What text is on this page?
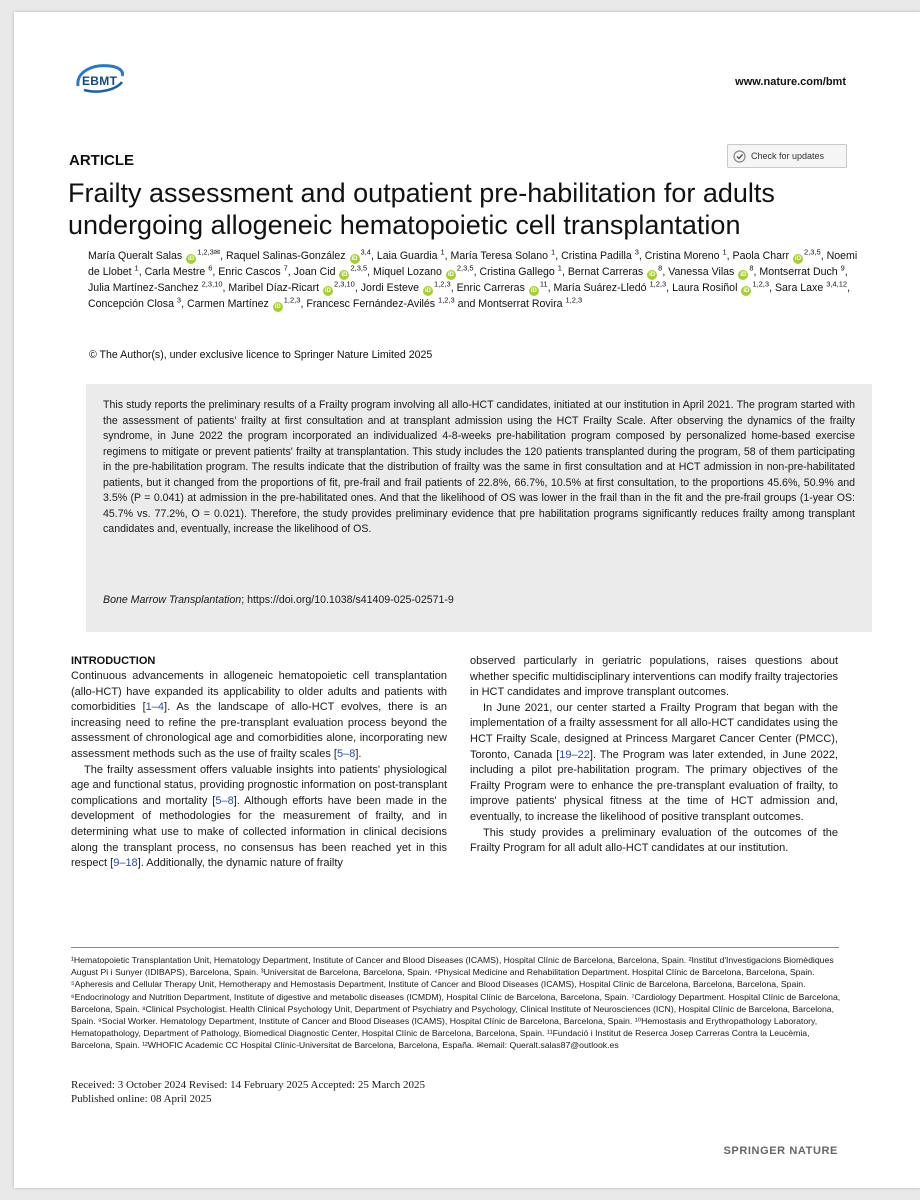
EBMT	www.nature.com/bmt
ARTICLE	Check for updates
Frailty assessment and outpatient pre-habilitation for adults undergoing allogeneic hematopoietic cell transplantation
María Queralt Salas $iD^{1,2,3✉}$, Raquel Salinas-González iD$^{3,4}$, Laia Guardia $^1$, María Teresa Solano $^1$, Cristina Padilla $^3$, Cristina Moreno $^1$, Paola Charr iD$^{2,3,5}$, Noemi de Llobet $^1$, Carla Mestre $^6$, Enric Cascos $^7$, Joan Cid iD$^{2,3,5}$, Miquel Lozano iD$^{2,3,5}$, Cristina Gallego $^1$, Bernat Carreras $iD^8$, Vanessa Vilas $iD^8$, Montserrat Duch $^9$, Julia Martínez-Sanchez $^{2,3,10}$, Maribel Díaz-Ricart iD$^{2,3,10}$, Jordi Esteve iD$^{1,2,3}$, Enric Carreras $iD^{11}$, María Suárez-Lledó $^{1,2,3}$, Laura Rosiñol iD$^{1,2,3}$, Sara Laxe $^{3,4,12}$, Concepción Closa $^3$, Carmen Martínez iD$^{1,2,3}$, Francesc Fernández-Avilés $^{1,2,3}$ and Montserrat Rovira $^{1,2,3}$
© The Author(s), under exclusive licence to Springer Nature Limited 2025
This study reports the preliminary results of a Frailty program involving all allo-HCT candidates, initiated at our institution in April 2021. The program started with the assessment of patients' frailty at first consultation and at transplant admission using the HCT Frailty Scale. After observing the dynamics of the frailty syndrome, in June 2022 the program incorporated an individualized 4-8-weeks pre-habilitation program composed by personalized home-based exercise regimens to mitigate or prevent patients' frailty at transplantation. This study includes the 120 patients transplanted during the program, 58 of them participating in the pre-habilitation program. The results indicate that the distribution of frailty was the same in first consultation and at HCT admission in non-pre-habilitated patients, but it changed from the proportions of fit, pre-frail and frail patients of 22.8%, 66.7%, 10.5% at first consultation, to the proportions 45.6%, 50.9% and 3.5% (P = 0.041) at admission in the pre-habilitated ones. And that the likelihood of OS was lower in the frail than in the fit and the pre-frail groups (1-year OS: 45.7% vs. 77.2%, O = 0.021). Therefore, the study provides preliminary evidence that pre habilitation programs significantly reduces frailty among transplant candidates and, eventually, increase the likelihood of OS.
Bone Marrow Transplantation; https://doi.org/10.1038/s41409-025-02571-9
INTRODUCTION

Continuous advancements in allogeneic hematopoietic cell transplantation (allo-HCT) have expanded its applicability to older adults and patients with comorbidities [1–4]. As the landscape of allo-HCT evolves, there is an increasing need to refine the pre-transplant evaluation process beyond the assessment of chronological age and comorbidities alone, incorporating new assessment methods such as the use of frailty scales [5–8].

The frailty assessment offers valuable insights into patients' physiological age and functional status, providing prognostic information on post-transplant complications and mortality [5–8]. Although efforts have been made in the development of methodologies for the measurement of frailty, and in determining what use to make of collected information in clinical decisions along the transplant process, no consensus has been reached yet in this respect [9–18]. Additionally, the dynamic nature of frailty

observed particularly in geriatric populations, raises questions about whether specific multidisciplinary interventions can modify frailty trajectories in HCT candidates and improve transplant outcomes.

In June 2021, our center started a Frailty Program that began with the implementation of a frailty assessment for all allo-HCT candidates using the HCT Frailty Scale, designed at Princess Margaret Cancer Center (PMCC), Toronto, Canada [19–22]. The Program was later extended, in June 2022, including a pilot pre-habilitation program. The primary objectives of the Frailty Program were to enhance the pre-transplant evaluation of frailty, to improve patients' physical fitness at the time of HCT admission and, eventually, to increase the likelihood of positive transplant outcomes.

This study provides a preliminary evaluation of the outcomes of the Frailty Program for all adult allo-HCT candidates at our institution.

¹Hematopoietic Transplantation Unit, Hematology Department, Institute of Cancer and Blood Diseases (ICAMS), Hospital Clínic de Barcelona, Barcelona, Spain. ²Institut d'Investigacions Biomèdiques August Pi i Sunyer (IDIBAPS), Barcelona, Spain. ³Universitat de Barcelona, Barcelona, Spain. ⁴Physical Medicine and Rehabilitation Department. Hospital Clínic de Barcelona, Barcelona, Spain. ⁵Apheresis and Cellular Therapy Unit, Hemotherapy and Hemostasis Department, Institute of Cancer and Blood Diseases (ICAMS), Hospital Clínic de Barcelona, Barcelona, Barcelona, Spain. ⁶Endocrinology and Nutrition Department, Institute of digestive and metabolic diseases (ICMDM), Hospital Clínic de Barcelona, Barcelona, Spain. ⁷Cardiology Department. Hospital Clínic de Barcelona, Barcelona, Spain. ⁸Clinical Psychologist. Health Clinical Psychology Unit, Department of Psychiatry and Psychology, Clinical Institute of Neurosciences (ICN), Hospital Clínic de Barcelona, Barcelona, Spain. ⁹Social Worker. Hematology Department, Institute of Cancer and Blood Diseases (ICAMS), Hospital Clínic de Barcelona, Barcelona, Spain. ¹⁰Hemostasis and Erythropathology Laboratory, Hematopathology, Department of Pathology, Biomedical Diagnostic Center, Hospital Clínic de Barcelona, Barcelona, Spain. ¹¹Fundació i Institut de Reserca Josep Carreras Contra la Leucèmia, Barcelona, Spain. ¹²WHOFIC Academic CC Hospital Clínic-Universitat de Barcelona, Barcelona, España. ✉email: Queralt.salas87@outlook.es
Received: 3 October 2024 Revised: 14 February 2025 Accepted: 25 March 2025
Published online: 08 April 2025
SPRINGER NATURE
